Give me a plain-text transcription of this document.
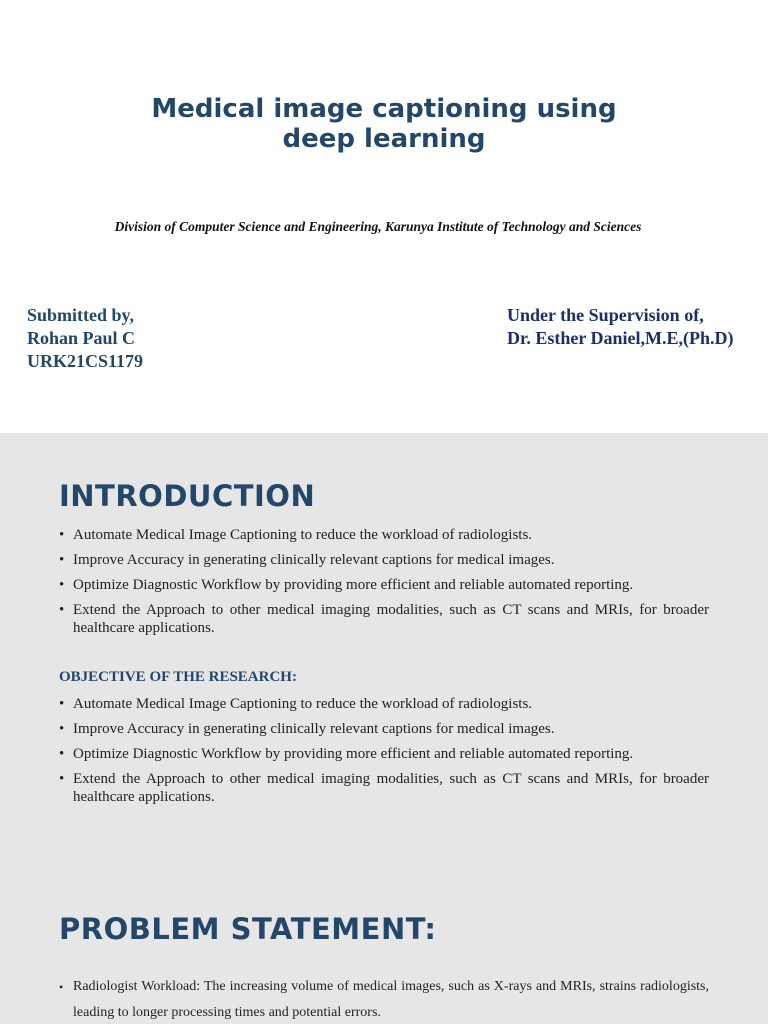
Medical image captioning using
deep learning
Division of Computer Science and Engineering, Karunya Institute of Technology and Sciences
Submitted by,
Rohan Paul C
URK21CS1179
Under the Supervision of,
Dr. Esther Daniel,M.E,(Ph.D)
INTRODUCTION
• Automate Medical Image Captioning to reduce the workload of radiologists.
• Improve Accuracy in generating clinically relevant captions for medical images.
• Optimize Diagnostic Workflow by providing more efficient and reliable automated reporting.
• Extend the Approach to other medical imaging modalities, such as CT scans and MRIs, for broader healthcare applications.
OBJECTIVE OF THE RESEARCH:
• Automate Medical Image Captioning to reduce the workload of radiologists.
• Improve Accuracy in generating clinically relevant captions for medical images.
• Optimize Diagnostic Workflow by providing more efficient and reliable automated reporting.
• Extend the Approach to other medical imaging modalities, such as CT scans and MRIs, for broader healthcare applications.
PROBLEM STATEMENT:
• Radiologist Workload: The increasing volume of medical images, such as X-rays and MRIs, strains radiologists, leading to longer processing times and potential errors.
